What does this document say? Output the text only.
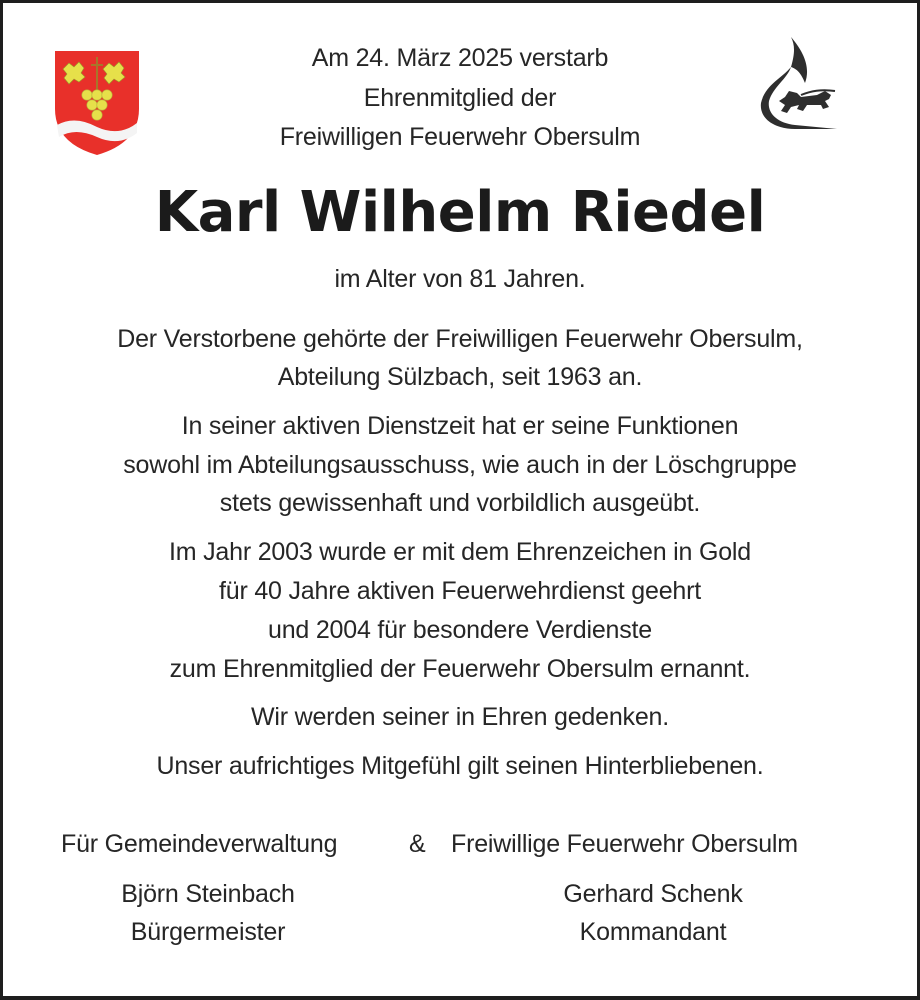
Am 24. März 2025 verstarb
Ehrenmitglied der
Freiwilligen Feuerwehr Obersulm
Karl Wilhelm Riedel
im Alter von 81 Jahren.
Der Verstorbene gehörte der Freiwilligen Feuerwehr Obersulm,
Abteilung Sülzbach, seit 1963 an.
In seiner aktiven Dienstzeit hat er seine Funktionen
sowohl im Abteilungsausschuss, wie auch in der Löschgruppe
stets gewissenhaft und vorbildlich ausgeübt.
Im Jahr 2003 wurde er mit dem Ehrenzeichen in Gold
für 40 Jahre aktiven Feuerwehrdienst geehrt
und 2004 für besondere Verdienste
zum Ehrenmitglied der Feuerwehr Obersulm ernannt.
Wir werden seiner in Ehren gedenken.
Unser aufrichtiges Mitgefühl gilt seinen Hinterbliebenen.
Für Gemeindeverwaltung	& Freiwillige Feuerwehr Obersulm
Björn Steinbach
Bürgermeister
Gerhard Schenk
Kommandant
